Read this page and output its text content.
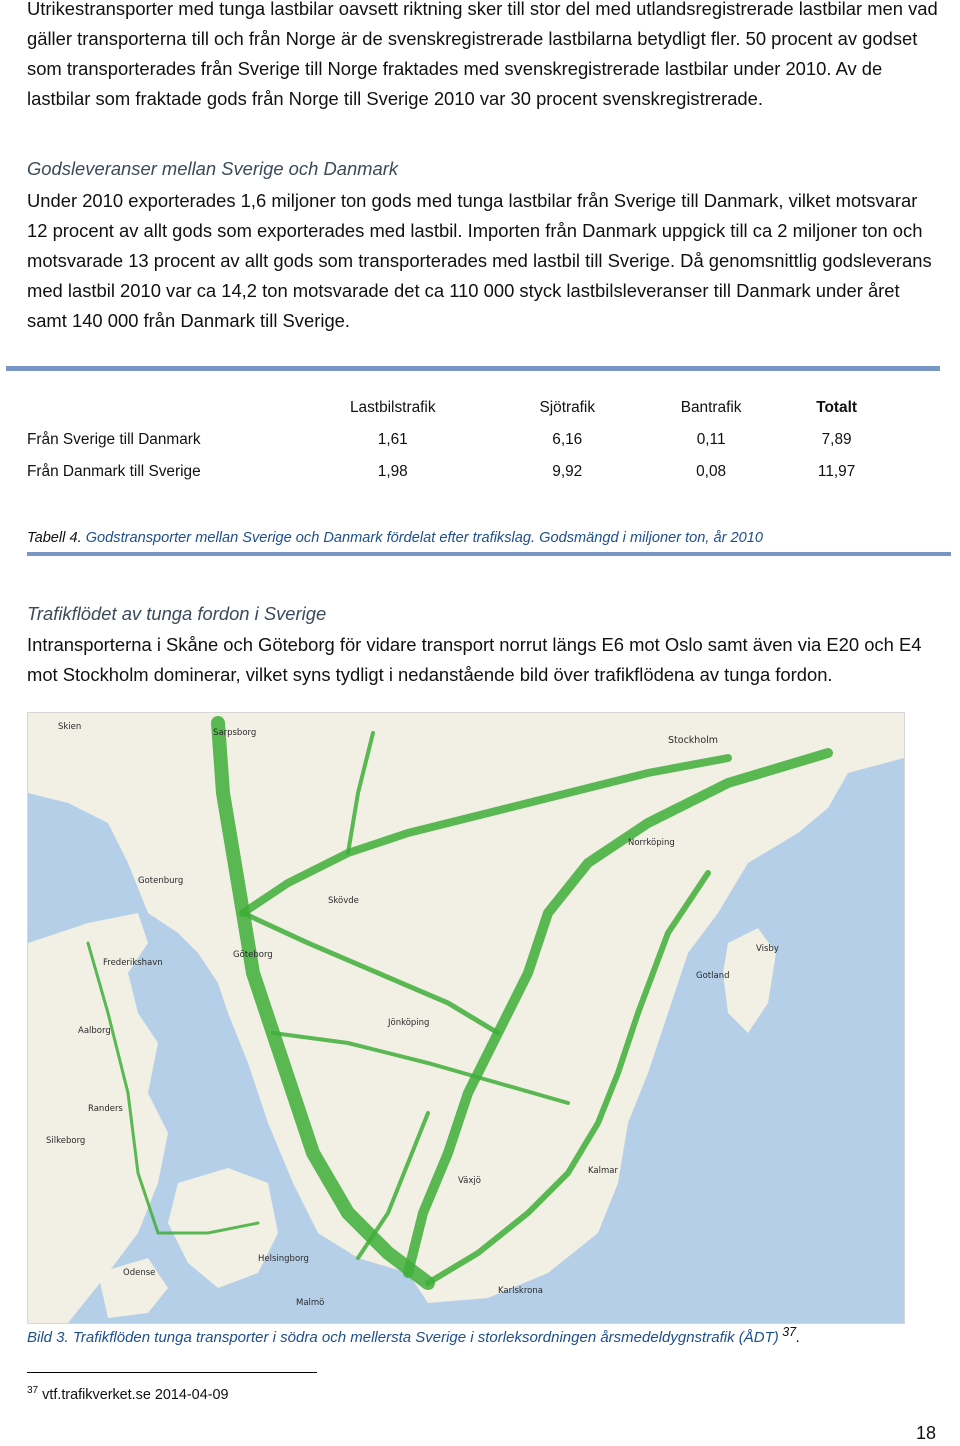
Utrikestransporter med tunga lastbilar oavsett riktning sker till stor del med utlandsregistrerade lastbilar men vad gäller transporterna till och från Norge är de svenskregistrerade lastbilarna betydligt fler. 50 procent av godset som transporterades från Sverige till Norge fraktades med svenskregistrerade lastbilar under 2010. Av de lastbilar som fraktade gods från Norge till Sverige 2010 var 30 procent svenskregistrerade.

Godsleveranser mellan Sverige och Danmark

Under 2010 exporterades 1,6 miljoner ton gods med tunga lastbilar från Sverige till Danmark, vilket motsvarar 12 procent av allt gods som exporterades med lastbil. Importen från Danmark uppgick till ca 2 miljoner ton och motsvarade 13 procent av allt gods som transporterades med lastbil till Sverige. Då genomsnittlig godsleverans med lastbil 2010 var ca 14,2 ton motsvarade det ca 110 000 styck lastbilsleveranser till Danmark under året samt 140 000 från Danmark till Sverige.

	Lastbilstrafik	Sjötrafik	Bantrafik	Totalt
Från Sverige till Danmark	1,61	6,16	0,11	7,89
Från Danmark till Sverige	1,98	9,92	0,08	11,97
Tabell 4. Godstransporter mellan Sverige och Danmark fördelat efter trafikslag. Godsmängd i miljoner ton, år 2010

Trafikflödet av tunga fordon i Sverige

Intransporterna i Skåne och Göteborg för vidare transport norrut längs E6 mot Oslo samt även via E20 och E4 mot Stockholm dominerar, vilket syns tydligt i nedanstående bild över trafikflödena av tunga fordon.

Skien
Sarpsborg
Stockholm
Norrköping
Visby
Gotland
Göteborg
Frederikshavn
Aalborg
Randers
Silkeborg
Odense
Malmö
Karlskrona
Helsingborg
Jönköping
Växjö
Kalmar
Skövde
Gotenburg
Bild 3. Trafikflöden tunga transporter i södra och mellersta Sverige i storleksordningen årsmedeldygnstrafik (ÅDT) $^{37}$.
$^{37}$ vtf.trafikverket.se 2014-04-09
18
